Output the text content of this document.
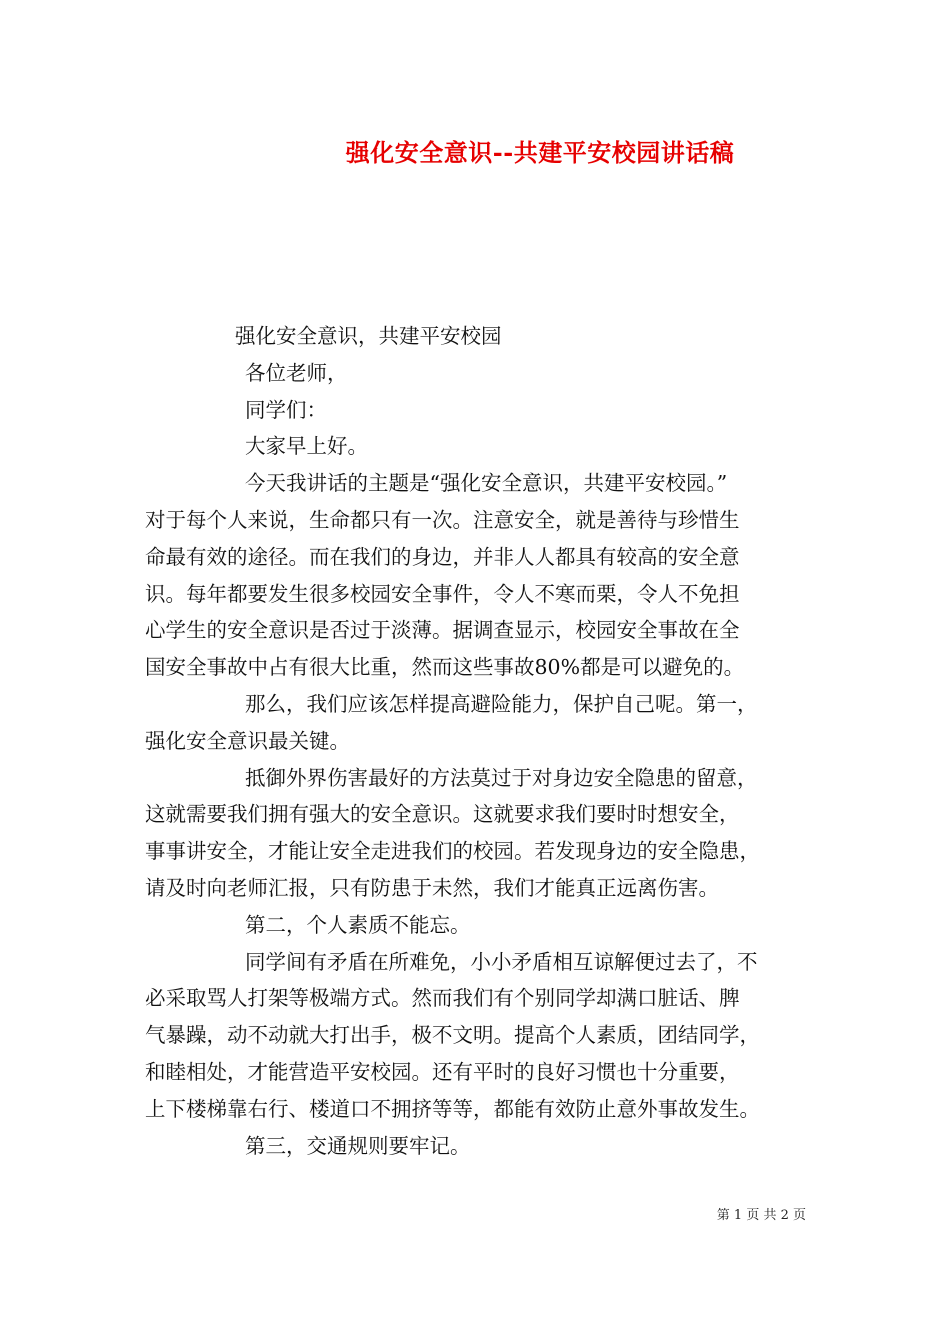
强化安全意识--共建平安校园讲话稿
强化安全意识，共建平安校园
各位老师，
同学们：
大家早上好。
今天我讲话的主题是“强化安全意识，共建平安校园。”
对于每个人来说，生命都只有一次。注意安全，就是善待与珍惜生
命最有效的途径。而在我们的身边，并非人人都具有较高的安全意
识。每年都要发生很多校园安全事件，令人不寒而栗，令人不免担
心学生的安全意识是否过于淡薄。据调查显示，校园安全事故在全
国安全事故中占有很大比重，然而这些事故80%都是可以避免的。
那么，我们应该怎样提高避险能力，保护自己呢。第一，
强化安全意识最关键。
抵御外界伤害最好的方法莫过于对身边安全隐患的留意，
这就需要我们拥有强大的安全意识。这就要求我们要时时想安全，
事事讲安全，才能让安全走进我们的校园。若发现身边的安全隐患，
请及时向老师汇报，只有防患于未然，我们才能真正远离伤害。
第二，个人素质不能忘。
同学间有矛盾在所难免，小小矛盾相互谅解便过去了，不
必采取骂人打架等极端方式。然而我们有个别同学却满口脏话、脾
气暴躁，动不动就大打出手，极不文明。提高个人素质，团结同学，
和睦相处，才能营造平安校园。还有平时的良好习惯也十分重要，
上下楼梯靠右行、楼道口不拥挤等等，都能有效防止意外事故发生。
第三，交通规则要牢记。
第 1 页 共 2 页
